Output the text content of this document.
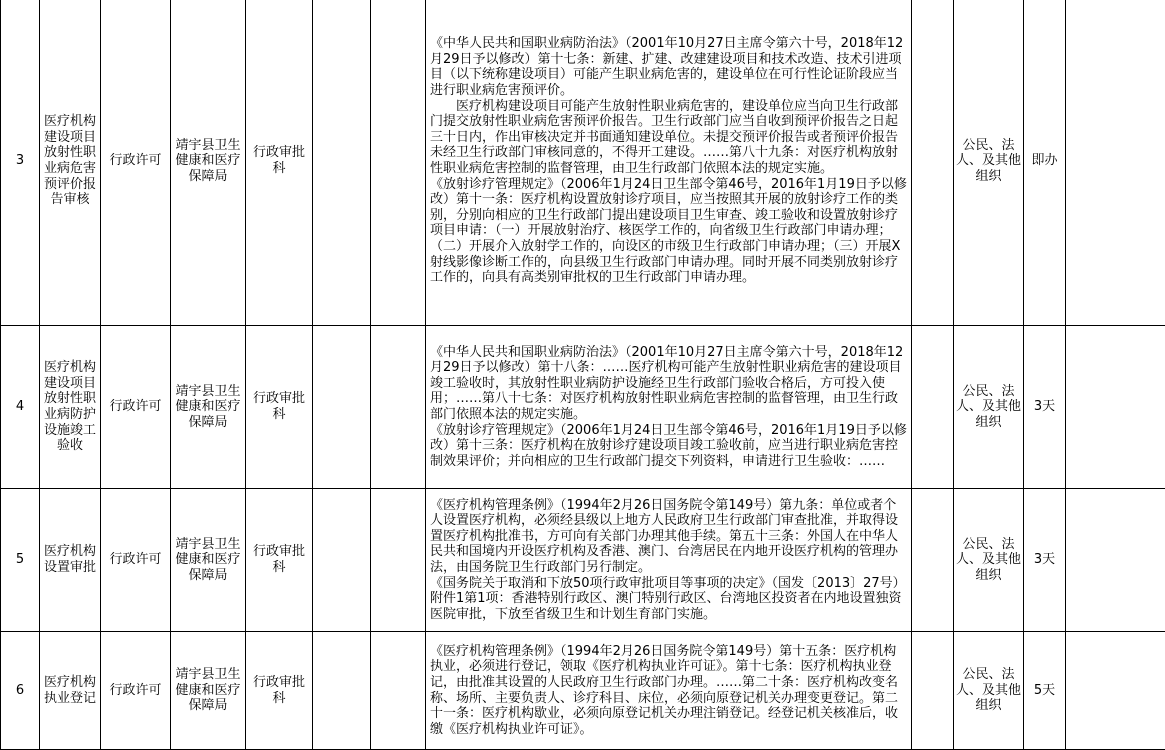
3	医疗机构建设项目放射性职业病危害预评价报告审核	行政许可	靖宇县卫生健康和医疗保障局	行政审批科			《中华人民共和国职业病防治法》（2001年10月27日主席令第六十号，2018年12月29日予以修改）第十七条：新建、扩建、改建建设项目和技术改造、技术引进项目（以下统称建设项目）可能产生职业病危害的，建设单位在可行性论证阶段应当进行职业病危害预评价。
医疗机构建设项目可能产生放射性职业病危害的，建设单位应当向卫生行政部门提交放射性职业病危害预评价报告。卫生行政部门应当自收到预评价报告之日起三十日内，作出审核决定并书面通知建设单位。未提交预评价报告或者预评价报告未经卫生行政部门审核同意的，不得开工建设。……第八十九条：对医疗机构放射性职业病危害控制的监督管理，由卫生行政部门依照本法的规定实施。
《放射诊疗管理规定》（2006年1月24日卫生部令第46号，2016年1月19日予以修改）第十一条：医疗机构设置放射诊疗项目，应当按照其开展的放射诊疗工作的类别，分别向相应的卫生行政部门提出建设项目卫生审查、竣工验收和设置放射诊疗项目申请：（一）开展放射治疗、核医学工作的，向省级卫生行政部门申请办理；（二）开展介入放射学工作的，向设区的市级卫生行政部门申请办理；（三）开展X射线影像诊断工作的，向县级卫生行政部门申请办理。同时开展不同类别放射诊疗工作的，向具有高类别审批权的卫生行政部门申请办理。		公民、法人、及其他组织	即办	
4	医疗机构建设项目放射性职业病防护设施竣工验收	行政许可	靖宇县卫生健康和医疗保障局	行政审批科			《中华人民共和国职业病防治法》（2001年10月27日主席令第六十号，2018年12月29日予以修改）第十八条：……医疗机构可能产生放射性职业病危害的建设项目竣工验收时，其放射性职业病防护设施经卫生行政部门验收合格后，方可投入使用；……第八十七条：对医疗机构放射性职业病危害控制的监督管理，由卫生行政部门依照本法的规定实施。
《放射诊疗管理规定》（2006年1月24日卫生部令第46号，2016年1月19日予以修改）第十三条：医疗机构在放射诊疗建设项目竣工验收前，应当进行职业病危害控制效果评价；并向相应的卫生行政部门提交下列资料，申请进行卫生验收：……		公民、法人、及其他组织	3天	
5	医疗机构设置审批	行政许可	靖宇县卫生健康和医疗保障局	行政审批科			《医疗机构管理条例》（1994年2月26日国务院令第149号）第九条：单位或者个人设置医疗机构，必须经县级以上地方人民政府卫生行政部门审查批准，并取得设置医疗机构批准书，方可向有关部门办理其他手续。第五十三条：外国人在中华人民共和国境内开设医疗机构及香港、澳门、台湾居民在内地开设医疗机构的管理办法，由国务院卫生行政部门另行制定。
《国务院关于取消和下放50项行政审批项目等事项的决定》（国发〔2013〕27号）附件1第1项：香港特别行政区、澳门特别行政区、台湾地区投资者在内地设置独资医院审批，下放至省级卫生和计划生育部门实施。		公民、法人、及其他组织	3天	
6	医疗机构执业登记	行政许可	靖宇县卫生健康和医疗保障局	行政审批科			《医疗机构管理条例》（1994年2月26日国务院令第149号）第十五条：医疗机构执业，必须进行登记，领取《医疗机构执业许可证》。第十七条：医疗机构执业登记，由批准其设置的人民政府卫生行政部门办理。……第二十条：医疗机构改变名称、场所、主要负责人、诊疗科目、床位，必须向原登记机关办理变更登记。第二十一条：医疗机构歇业，必须向原登记机关办理注销登记。经登记机关核准后，收缴《医疗机构执业许可证》。		公民、法人、及其他组织	5天	
